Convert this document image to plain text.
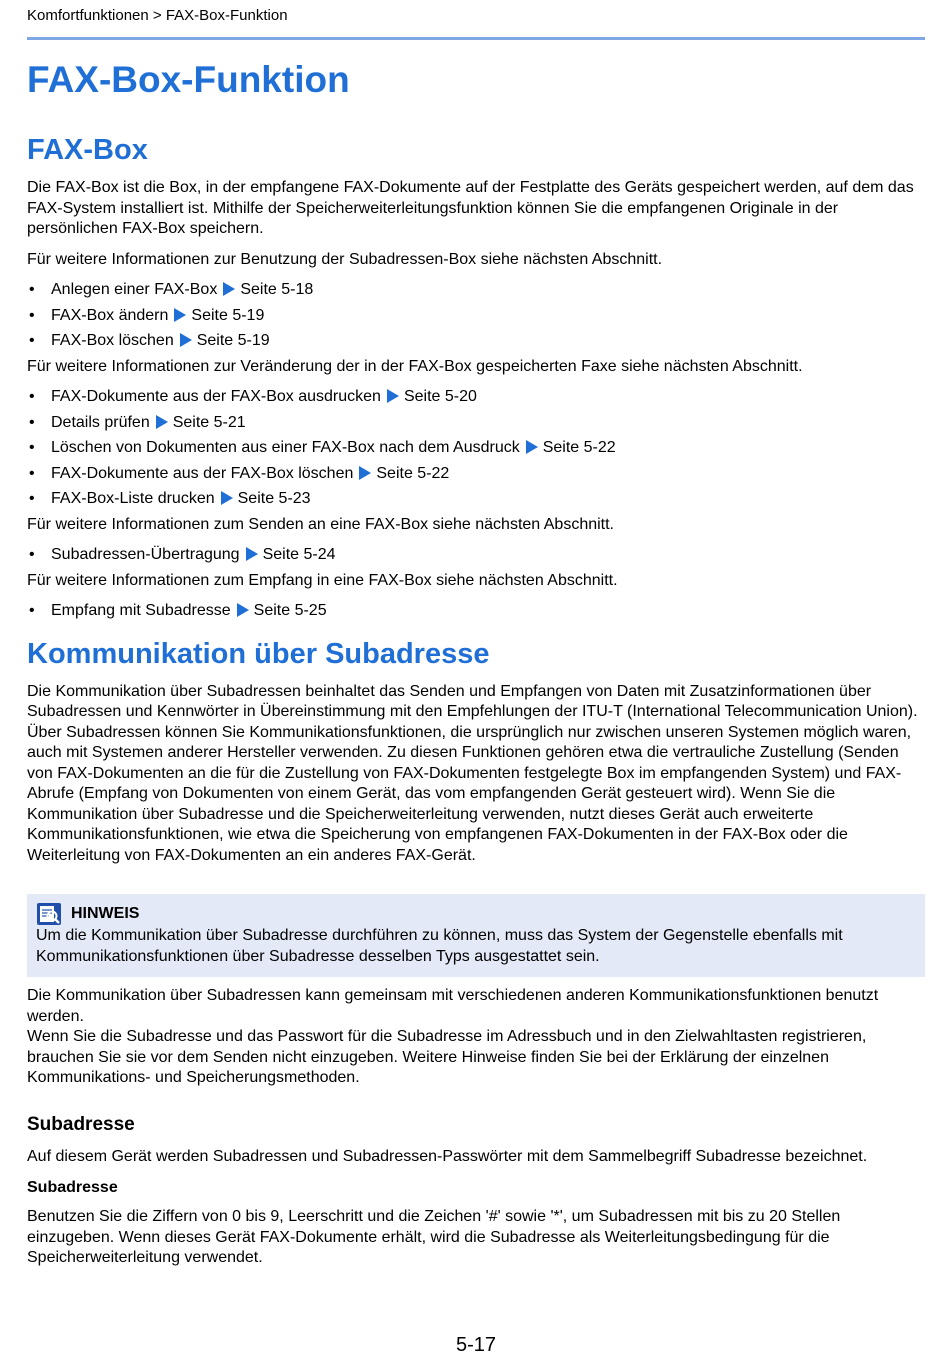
Komfortfunktionen > FAX-Box-Funktion
FAX-Box-Funktion
FAX-Box

Die FAX-Box ist die Box, in der empfangene FAX-Dokumente auf der Festplatte des Geräts gespeichert werden, auf dem das FAX-System installiert ist. Mithilfe der Speicherweiterleitungsfunktion können Sie die empfangenen Originale in der persönlichen FAX-Box speichern.

Für weitere Informationen zur Benutzung der Subadressen-Box siehe nächsten Abschnitt.

• Anlegen einer FAX-Box Seite 5-18
• FAX-Box ändern Seite 5-19
• FAX-Box löschen Seite 5-19

Für weitere Informationen zur Veränderung der in der FAX-Box gespeicherten Faxe siehe nächsten Abschnitt.

• FAX-Dokumente aus der FAX-Box ausdrucken Seite 5-20
• Details prüfen Seite 5-21
• Löschen von Dokumenten aus einer FAX-Box nach dem Ausdruck Seite 5-22
• FAX-Dokumente aus der FAX-Box löschen Seite 5-22
• FAX-Box-Liste drucken Seite 5-23

Für weitere Informationen zum Senden an eine FAX-Box siehe nächsten Abschnitt.

• Subadressen-Übertragung Seite 5-24

Für weitere Informationen zum Empfang in eine FAX-Box siehe nächsten Abschnitt.

• Empfang mit Subadresse Seite 5-25
Kommunikation über Subadresse

Die Kommunikation über Subadressen beinhaltet das Senden und Empfangen von Daten mit Zusatzinformationen über Subadressen und Kennwörter in Übereinstimmung mit den Empfehlungen der ITU-T (International Telecommunication Union). Über Subadressen können Sie Kommunikationsfunktionen, die ursprünglich nur zwischen unseren Systemen möglich waren, auch mit Systemen anderer Hersteller verwenden. Zu diesen Funktionen gehören etwa die vertrauliche Zustellung (Senden von FAX-Dokumenten an die für die Zustellung von FAX-Dokumenten festgelegte Box im empfangenden System) und FAX-Abrufe (Empfang von Dokumenten von einem Gerät, das vom empfangenden Gerät gesteuert wird). Wenn Sie die Kommunikation über Subadresse und die Speicherweiterleitung verwenden, nutzt dieses Gerät auch erweiterte Kommunikationsfunktionen, wie etwa die Speicherung von empfangenen FAX-Dokumenten in der FAX-Box oder die Weiterleitung von FAX-Dokumenten an ein anderes FAX-Gerät.

HINWEIS

Um die Kommunikation über Subadresse durchführen zu können, muss das System der Gegenstelle ebenfalls mit Kommunikationsfunktionen über Subadresse desselben Typs ausgestattet sein.

Die Kommunikation über Subadressen kann gemeinsam mit verschiedenen anderen Kommunikationsfunktionen benutzt werden.

Wenn Sie die Subadresse und das Passwort für die Subadresse im Adressbuch und in den Zielwahltasten registrieren, brauchen Sie sie vor dem Senden nicht einzugeben. Weitere Hinweise finden Sie bei der Erklärung der einzelnen Kommunikations- und Speicherungsmethoden.

Subadresse

Auf diesem Gerät werden Subadressen und Subadressen-Passwörter mit dem Sammelbegriff Subadresse bezeichnet.

Subadresse

Benutzen Sie die Ziffern von 0 bis 9, Leerschritt und die Zeichen '#' sowie '*', um Subadressen mit bis zu 20 Stellen einzugeben. Wenn dieses Gerät FAX-Dokumente erhält, wird die Subadresse als Weiterleitungsbedingung für die Speicherweiterleitung verwendet.

5-17
